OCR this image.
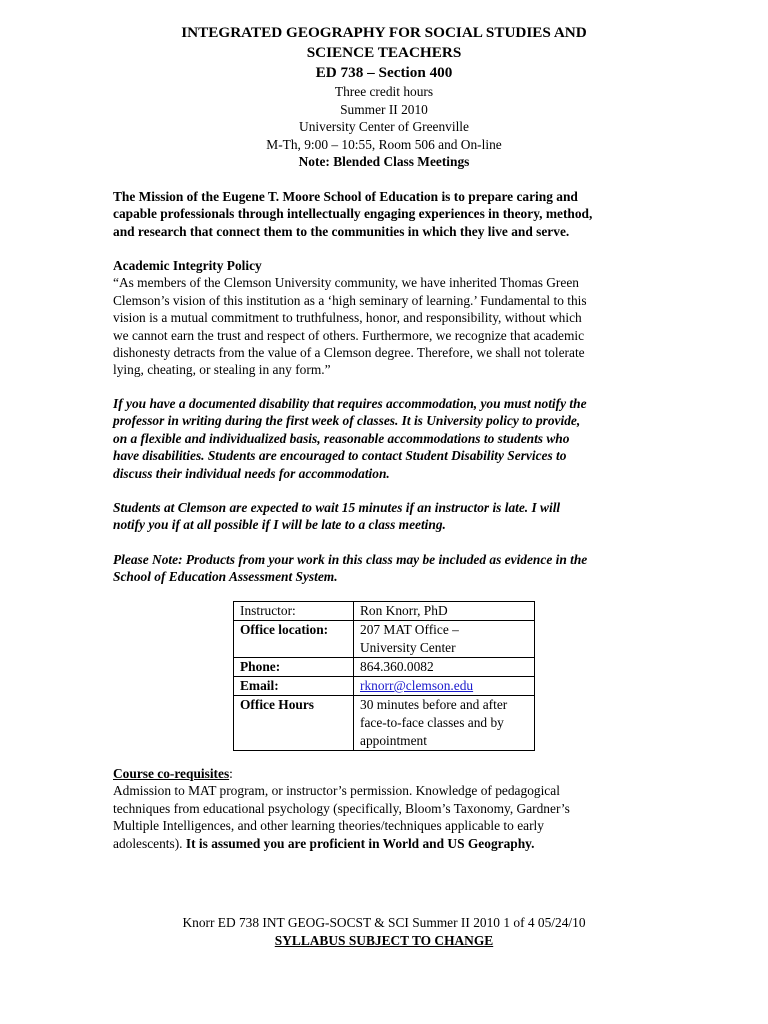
INTEGRATED GEOGRAPHY FOR SOCIAL STUDIES AND
SCIENCE TEACHERS
ED 738 – Section 400
Three credit hours
Summer II 2010
University Center of Greenville
M-Th, 9:00 – 10:55, Room 506 and On-line
Note: Blended Class Meetings
The Mission of the Eugene T. Moore School of Education is to prepare caring and
capable professionals through intellectually engaging experiences in theory, method,
and research that connect them to the communities in which they live and serve.
Academic Integrity Policy
“As members of the Clemson University community, we have inherited Thomas Green
Clemson’s vision of this institution as a ‘high seminary of learning.’ Fundamental to this
vision is a mutual commitment to truthfulness, honor, and responsibility, without which
we cannot earn the trust and respect of others. Furthermore, we recognize that academic
dishonesty detracts from the value of a Clemson degree. Therefore, we shall not tolerate
lying, cheating, or stealing in any form.”
If you have a documented disability that requires accommodation, you must notify the
professor in writing during the first week of classes. It is University policy to provide,
on a flexible and individualized basis, reasonable accommodations to students who
have disabilities. Students are encouraged to contact Student Disability Services to
discuss their individual needs for accommodation.
Students at Clemson are expected to wait 15 minutes if an instructor is late. I will
notify you if at all possible if I will be late to a class meeting.
Please Note: Products from your work in this class may be included as evidence in the
School of Education Assessment System.
Instructor:	Ron Knorr, PhD
Office location:	207 MAT Office –
University Center

Phone:	864.360.0082
Email:	rknorr@clemson.edu
Office Hours	30 minutes before and after
face-to-face classes and by
appointment
Course co-requisites:
Admission to MAT program, or instructor’s permission. Knowledge of pedagogical
techniques from educational psychology (specifically, Bloom’s Taxonomy, Gardner’s
Multiple Intelligences, and other learning theories/techniques applicable to early
adolescents). It is assumed you are proficient in World and US Geography.
Knorr ED 738 INT GEOG-SOCST & SCI Summer II 2010 1 of 4 05/24/10
SYLLABUS SUBJECT TO CHANGE
